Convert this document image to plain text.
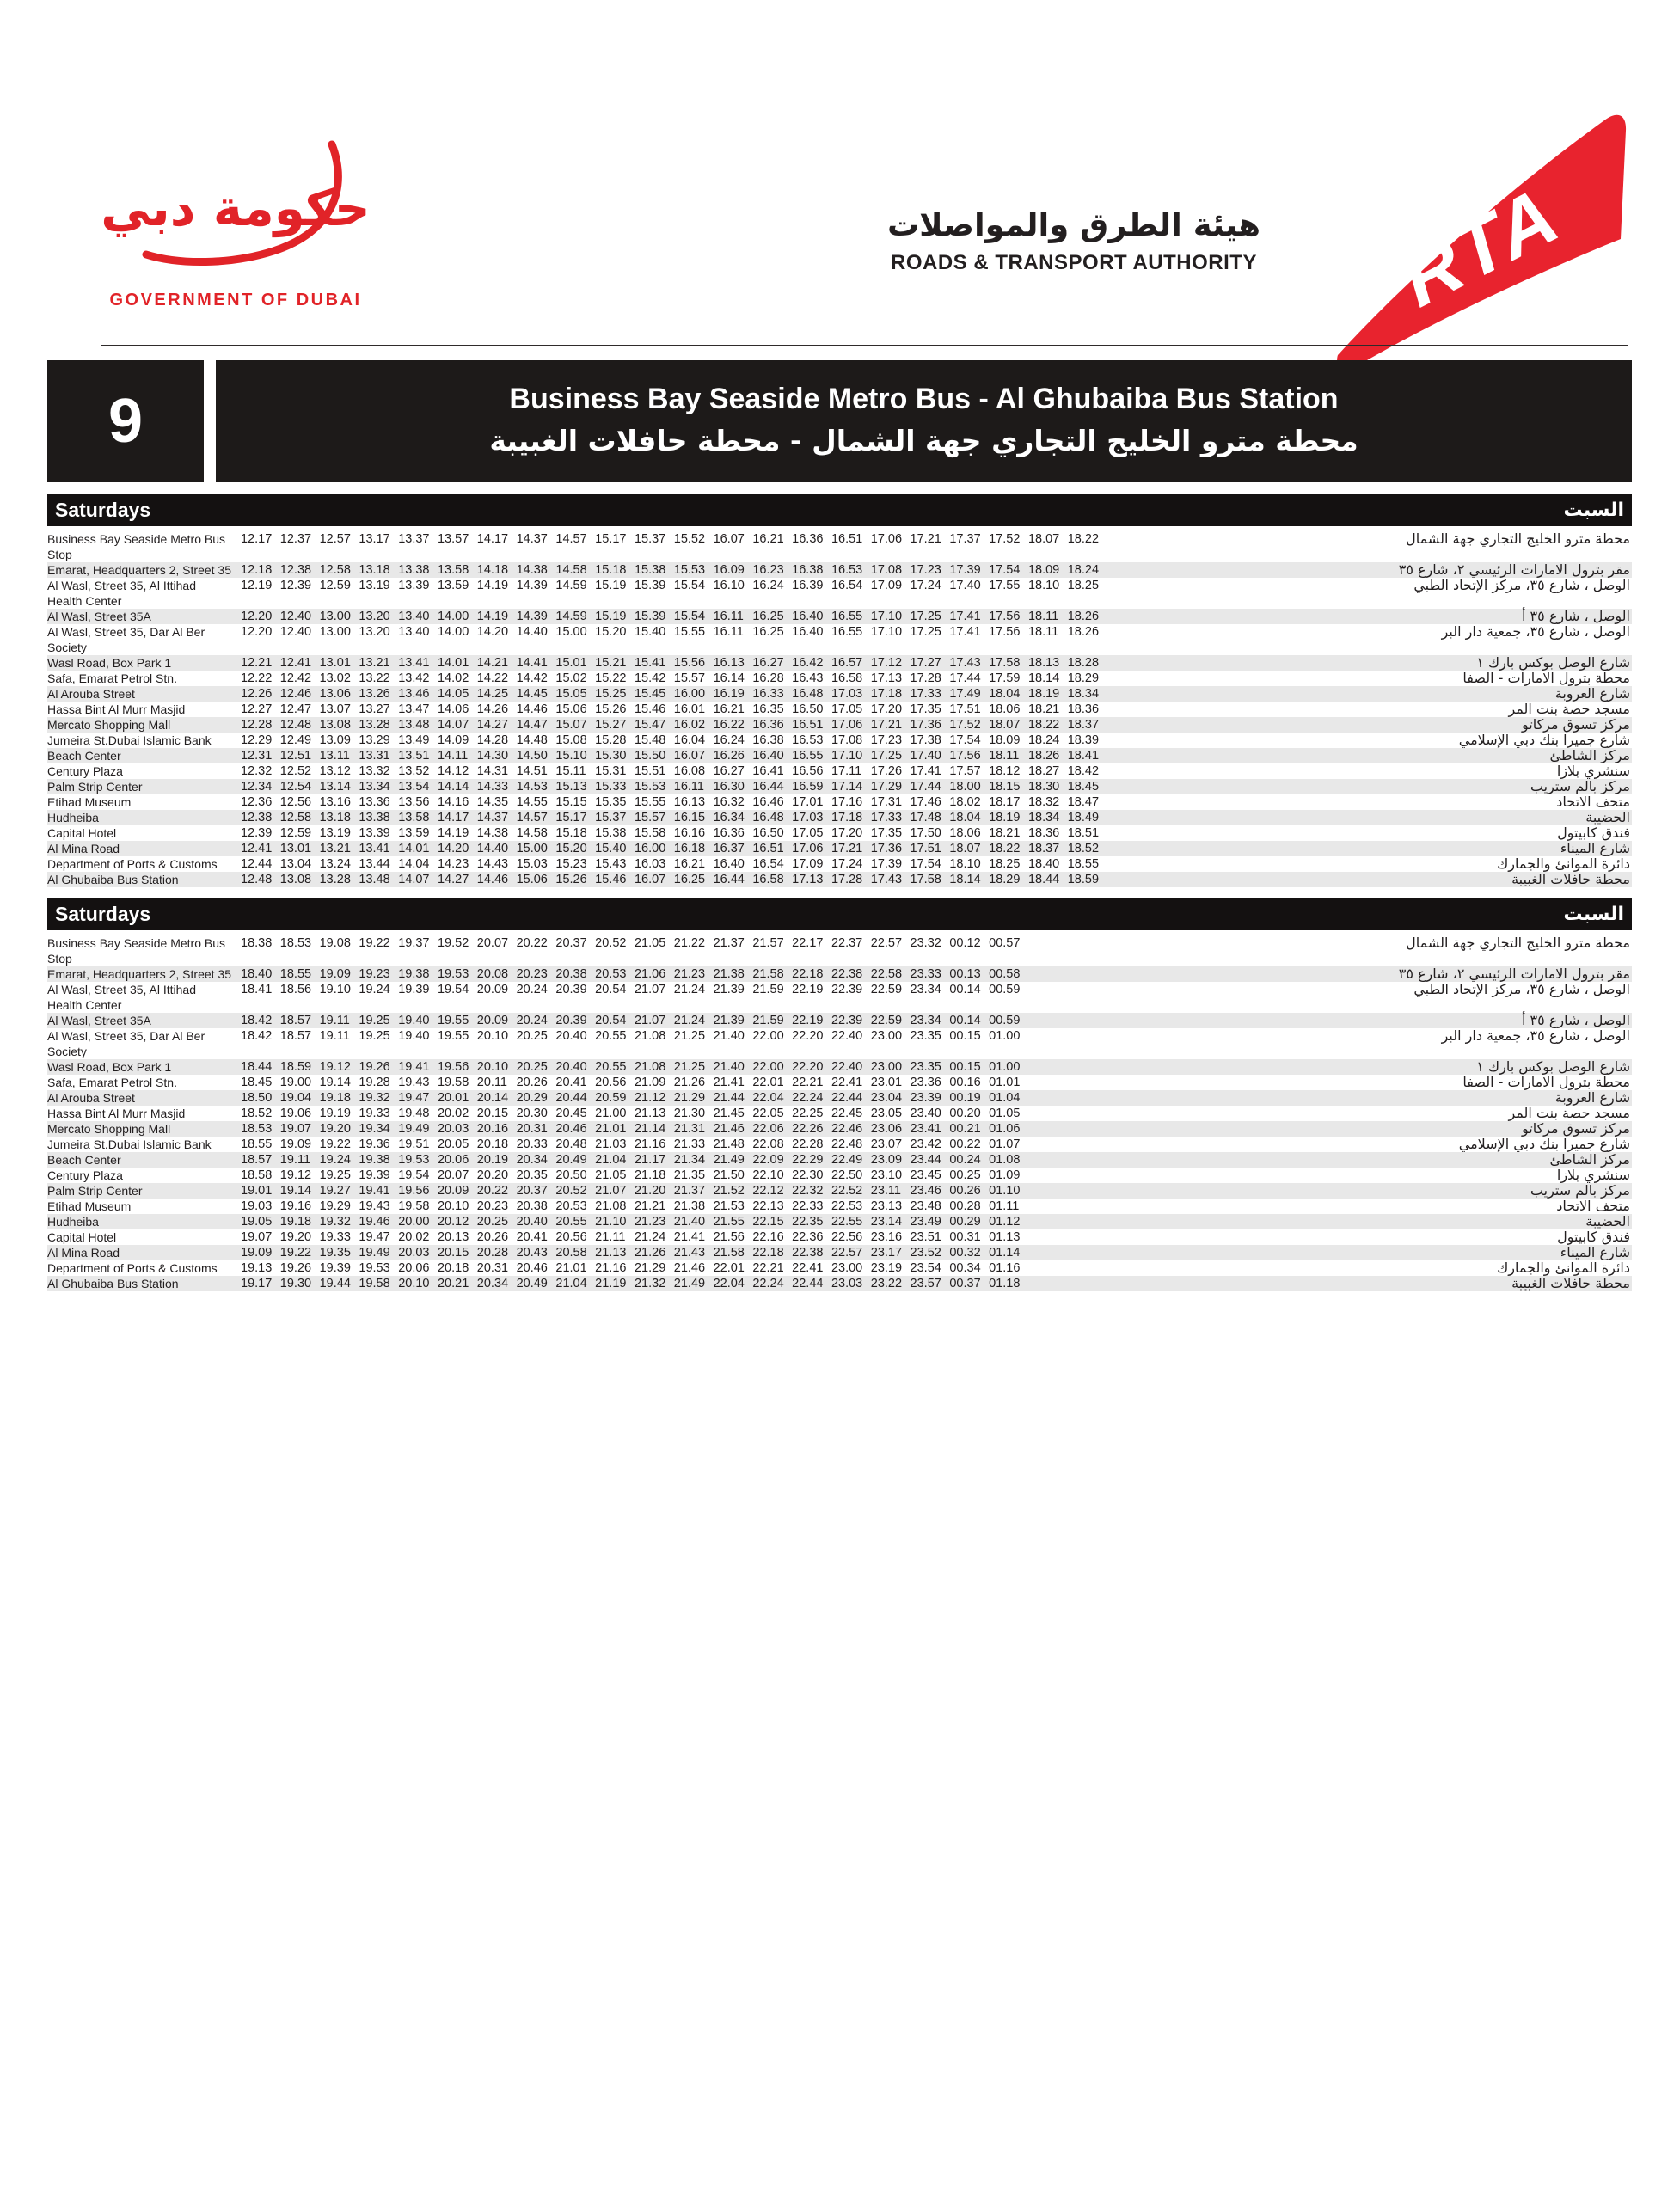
حكومة دبي
GOVERNMENT OF DUBAI
هيئة الطرق والمواصلات
ROADS & TRANSPORT AUTHORITY RTA
9	Business Bay Seaside Metro Bus - Al Ghubaiba Bus Station
محطة مترو الخليج التجاري جهة الشمال - محطة حافلات الغبيبة
Saturdays	السبت
Business Bay Seaside Metro Bus Stop
12.17 12.37 12.57 13.17 13.37 13.57 14.17 14.37 14.57 15.17 15.37 15.52 16.07 16.21 16.36 16.51 17.06 17.21 17.37 17.52 18.07 18.22	محطة مترو الخليج التجاري جهة الشمال
Emarat, Headquarters 2, Street 35 12.18 12.38 12.58 13.18 13.38 13.58 14.18 14.38 14.58 15.18 15.38 15.53 16.09 16.23 16.38 16.53 17.08 17.23 17.39 17.54 18.09 18.24	مقر بترول الامارات الرئيسي ٢، شارع ٣٥
Al Wasl, Street 35, Al Ittihad Health Center
12.19 12.39 12.59 13.19 13.39 13.59 14.19 14.39 14.59 15.19 15.39 15.54 16.10 16.24 16.39 16.54 17.09 17.24 17.40 17.55 18.10 18.25	الوصل ، شارع ٣٥، مركز الإتحاد الطبي
Al Wasl, Street 35A	12.20 12.40 13.00 13.20 13.40 14.00 14.19 14.39 14.59 15.19 15.39 15.54 16.11 16.25 16.40 16.55 17.10 17.25 17.41 17.56 18.11 18.26	الوصل ، شارع ٣٥ أ
Al Wasl, Street 35, Dar Al Ber Society
12.20 12.40 13.00 13.20 13.40 14.00 14.20 14.40 15.00 15.20 15.40 15.55 16.11 16.25 16.40 16.55 17.10 17.25 17.41 17.56 18.11 18.26	الوصل ، شارع ٣٥، جمعية دار البر
Wasl Road, Box Park 1	12.21 12.41 13.01 13.21 13.41 14.01 14.21 14.41 15.01 15.21 15.41 15.56 16.13 16.27 16.42 16.57 17.12 17.27 17.43 17.58 18.13 18.28	شارع الوصل بوكس بارك ١
Safa, Emarat Petrol Stn.	12.22 12.42 13.02 13.22 13.42 14.02 14.22 14.42 15.02 15.22 15.42 15.57 16.14 16.28 16.43 16.58 17.13 17.28 17.44 17.59 18.14 18.29	محطة بترول الامارات - الصفا
Al Arouba Street	12.26 12.46 13.06 13.26 13.46 14.05 14.25 14.45 15.05 15.25 15.45 16.00 16.19 16.33 16.48 17.03 17.18 17.33 17.49 18.04 18.19 18.34	شارع العروبة
Hassa Bint Al Murr Masjid	12.27 12.47 13.07 13.27 13.47 14.06 14.26 14.46 15.06 15.26 15.46 16.01 16.21 16.35 16.50 17.05 17.20 17.35 17.51 18.06 18.21 18.36	مسجد حصة بنت المر
Mercato Shopping Mall	12.28 12.48 13.08 13.28 13.48 14.07 14.27 14.47 15.07 15.27 15.47 16.02 16.22 16.36 16.51 17.06 17.21 17.36 17.52 18.07 18.22 18.37	مركز تسوق مركاتو
Jumeira St.Dubai Islamic Bank	12.29 12.49 13.09 13.29 13.49 14.09 14.28 14.48 15.08 15.28 15.48 16.04 16.24 16.38 16.53 17.08 17.23 17.38 17.54 18.09 18.24 18.39	شارع جميرا بنك دبي الإسلامي
Beach Center	12.31 12.51 13.11 13.31 13.51 14.11 14.30 14.50 15.10 15.30 15.50 16.07 16.26 16.40 16.55 17.10 17.25 17.40 17.56 18.11 18.26 18.41	مركز الشاطئ
Century Plaza	12.32 12.52 13.12 13.32 13.52 14.12 14.31 14.51 15.11 15.31 15.51 16.08 16.27 16.41 16.56 17.11 17.26 17.41 17.57 18.12 18.27 18.42	سنشري بلازا
Palm Strip Center	12.34 12.54 13.14 13.34 13.54 14.14 14.33 14.53 15.13 15.33 15.53 16.11 16.30 16.44 16.59 17.14 17.29 17.44 18.00 18.15 18.30 18.45	مركز بالم ستريب
Etihad Museum	12.36 12.56 13.16 13.36 13.56 14.16 14.35 14.55 15.15 15.35 15.55 16.13 16.32 16.46 17.01 17.16 17.31 17.46 18.02 18.17 18.32 18.47	متحف الاتحاد
Hudheiba	12.38 12.58 13.18 13.38 13.58 14.17 14.37 14.57 15.17 15.37 15.57 16.15 16.34 16.48 17.03 17.18 17.33 17.48 18.04 18.19 18.34 18.49	الحضيبة
Capital Hotel	12.39 12.59 13.19 13.39 13.59 14.19 14.38 14.58 15.18 15.38 15.58 16.16 16.36 16.50 17.05 17.20 17.35 17.50 18.06 18.21 18.36 18.51	فندق كابيتول
Al Mina Road	12.41 13.01 13.21 13.41 14.01 14.20 14.40 15.00 15.20 15.40 16.00 16.18 16.37 16.51 17.06 17.21 17.36 17.51 18.07 18.22 18.37 18.52	شارع الميناء
Department of Ports & Customs	12.44 13.04 13.24 13.44 14.04 14.23 14.43 15.03 15.23 15.43 16.03 16.21 16.40 16.54 17.09 17.24 17.39 17.54 18.10 18.25 18.40 18.55	دائرة الموانئ والجمارك
Al Ghubaiba Bus Station	12.48 13.08 13.28 13.48 14.07 14.27 14.46 15.06 15.26 15.46 16.07 16.25 16.44 16.58 17.13 17.28 17.43 17.58 18.14 18.29 18.44 18.59	محطة حافلات الغبيبة
Saturdays	السبت
Business Bay Seaside Metro Bus Stop
18.38 18.53 19.08 19.22 19.37 19.52 20.07 20.22 20.37 20.52 21.05 21.22 21.37 21.57 22.17 22.37 22.57 23.32 00.12 00.57	محطة مترو الخليج التجاري جهة الشمال
Emarat, Headquarters 2, Street 35 18.40 18.55 19.09 19.23 19.38 19.53 20.08 20.23 20.38 20.53 21.06 21.23 21.38 21.58 22.18 22.38 22.58 23.33 00.13 00.58	مقر بترول الامارات الرئيسي ٢، شارع ٣٥
Al Wasl, Street 35, Al Ittihad Health Center
18.41 18.56 19.10 19.24 19.39 19.54 20.09 20.24 20.39 20.54 21.07 21.24 21.39 21.59 22.19 22.39 22.59 23.34 00.14 00.59	الوصل ، شارع ٣٥، مركز الإتحاد الطبي
Al Wasl, Street 35A	18.42 18.57 19.11 19.25 19.40 19.55 20.09 20.24 20.39 20.54 21.07 21.24 21.39 21.59 22.19 22.39 22.59 23.34 00.14 00.59	الوصل ، شارع ٣٥ أ
Al Wasl, Street 35, Dar Al Ber Society
18.42 18.57 19.11 19.25 19.40 19.55 20.10 20.25 20.40 20.55 21.08 21.25 21.40 22.00 22.20 22.40 23.00 23.35 00.15 01.00	الوصل ، شارع ٣٥، جمعية دار البر
Wasl Road, Box Park 1	18.44 18.59 19.12 19.26 19.41 19.56 20.10 20.25 20.40 20.55 21.08 21.25 21.40 22.00 22.20 22.40 23.00 23.35 00.15 01.00	شارع الوصل بوكس بارك ١
Safa, Emarat Petrol Stn.	18.45 19.00 19.14 19.28 19.43 19.58 20.11 20.26 20.41 20.56 21.09 21.26 21.41 22.01 22.21 22.41 23.01 23.36 00.16 01.01	محطة بترول الامارات - الصفا
Al Arouba Street	18.50 19.04 19.18 19.32 19.47 20.01 20.14 20.29 20.44 20.59 21.12 21.29 21.44 22.04 22.24 22.44 23.04 23.39 00.19 01.04	شارع العروبة
Hassa Bint Al Murr Masjid	18.52 19.06 19.19 19.33 19.48 20.02 20.15 20.30 20.45 21.00 21.13 21.30 21.45 22.05 22.25 22.45 23.05 23.40 00.20 01.05	مسجد حصة بنت المر
Mercato Shopping Mall	18.53 19.07 19.20 19.34 19.49 20.03 20.16 20.31 20.46 21.01 21.14 21.31 21.46 22.06 22.26 22.46 23.06 23.41 00.21 01.06	مركز تسوق مركاتو
Jumeira St.Dubai Islamic Bank	18.55 19.09 19.22 19.36 19.51 20.05 20.18 20.33 20.48 21.03 21.16 21.33 21.48 22.08 22.28 22.48 23.07 23.42 00.22 01.07	شارع جميرا بنك دبي الإسلامي
Beach Center	18.57 19.11 19.24 19.38 19.53 20.06 20.19 20.34 20.49 21.04 21.17 21.34 21.49 22.09 22.29 22.49 23.09 23.44 00.24 01.08	مركز الشاطئ
Century Plaza	18.58 19.12 19.25 19.39 19.54 20.07 20.20 20.35 20.50 21.05 21.18 21.35 21.50 22.10 22.30 22.50 23.10 23.45 00.25 01.09	سنشري بلازا
Palm Strip Center	19.01 19.14 19.27 19.41 19.56 20.09 20.22 20.37 20.52 21.07 21.20 21.37 21.52 22.12 22.32 22.52 23.11 23.46 00.26 01.10	مركز بالم ستريب
Etihad Museum	19.03 19.16 19.29 19.43 19.58 20.10 20.23 20.38 20.53 21.08 21.21 21.38 21.53 22.13 22.33 22.53 23.13 23.48 00.28 01.11	متحف الاتحاد
Hudheiba	19.05 19.18 19.32 19.46 20.00 20.12 20.25 20.40 20.55 21.10 21.23 21.40 21.55 22.15 22.35 22.55 23.14 23.49 00.29 01.12	الحضيبة
Capital Hotel	19.07 19.20 19.33 19.47 20.02 20.13 20.26 20.41 20.56 21.11 21.24 21.41 21.56 22.16 22.36 22.56 23.16 23.51 00.31 01.13	فندق كابيتول
Al Mina Road	19.09 19.22 19.35 19.49 20.03 20.15 20.28 20.43 20.58 21.13 21.26 21.43 21.58 22.18 22.38 22.57 23.17 23.52 00.32 01.14	شارع الميناء
Department of Ports & Customs	19.13 19.26 19.39 19.53 20.06 20.18 20.31 20.46 21.01 21.16 21.29 21.46 22.01 22.21 22.41 23.00 23.19 23.54 00.34 01.16	دائرة الموانئ والجمارك
Al Ghubaiba Bus Station	19.17 19.30 19.44 19.58 20.10 20.21 20.34 20.49 21.04 21.19 21.32 21.49 22.04 22.24 22.44 23.03 23.22 23.57 00.37 01.18	محطة حافلات الغبيبة
